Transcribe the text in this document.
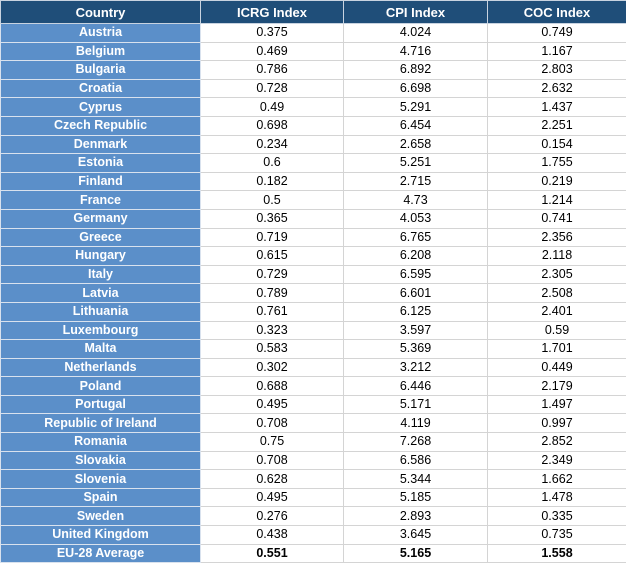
Country	ICRG Index	CPI Index	COC Index
Austria	0.375	4.024	0.749
Belgium	0.469	4.716	1.167
Bulgaria	0.786	6.892	2.803
Croatia	0.728	6.698	2.632
Cyprus	0.49	5.291	1.437
Czech Republic	0.698	6.454	2.251
Denmark	0.234	2.658	0.154
Estonia	0.6	5.251	1.755
Finland	0.182	2.715	0.219
France	0.5	4.73	1.214
Germany	0.365	4.053	0.741
Greece	0.719	6.765	2.356
Hungary	0.615	6.208	2.118
Italy	0.729	6.595	2.305
Latvia	0.789	6.601	2.508
Lithuania	0.761	6.125	2.401
Luxembourg	0.323	3.597	0.59
Malta	0.583	5.369	1.701
Netherlands	0.302	3.212	0.449
Poland	0.688	6.446	2.179
Portugal	0.495	5.171	1.497
Republic of Ireland	0.708	4.119	0.997
Romania	0.75	7.268	2.852
Slovakia	0.708	6.586	2.349
Slovenia	0.628	5.344	1.662
Spain	0.495	5.185	1.478
Sweden	0.276	2.893	0.335
United Kingdom	0.438	3.645	0.735
EU-28 Average	0.551	5.165	1.558
